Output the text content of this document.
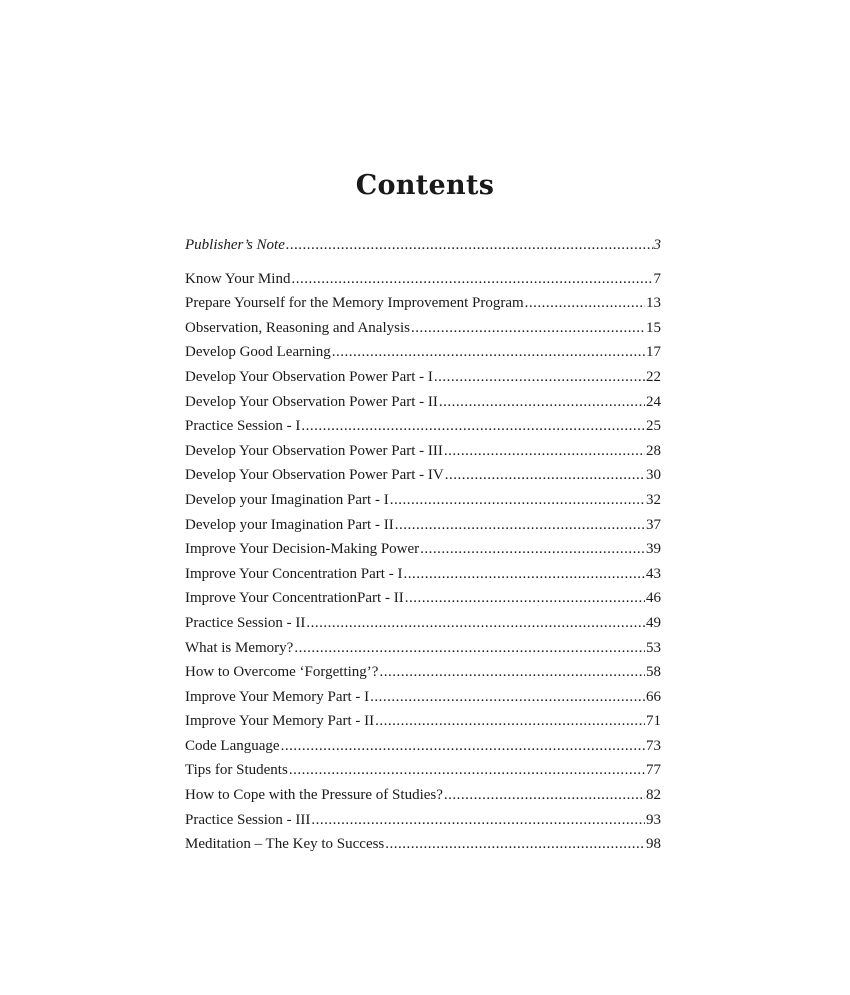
Contents
Publisher’s Note .....	3
Know Your Mind .....	7
Prepare Yourself for the Memory Improvement Program .....	13
Observation, Reasoning and Analysis .....	15
Develop Good Learning .....	17
Develop Your Observation Power Part - I .....	22
Develop Your Observation Power Part - II .....	24
Practice Session - I .....	25
Develop Your Observation Power Part - III .....	28
Develop Your Observation Power Part - IV .....	30
Develop your Imagination Part - I .....	32
Develop your Imagination Part - II .....	37
Improve Your Decision-Making Power .....	39
Improve Your Concentration Part - I .....	43
Improve Your ConcentrationPart - II .....	46
Practice Session - II .....	49
What is Memory? .....	53
How to Overcome ‘Forgetting’? .....	58
Improve Your Memory Part - I .....	66
Improve Your Memory Part - II .....	71
Code Language .....	73
Tips for Students .....	77
How to Cope with the Pressure of Studies? .....	82
Practice Session - III .....	93
Meditation – The Key to Success .....	98
